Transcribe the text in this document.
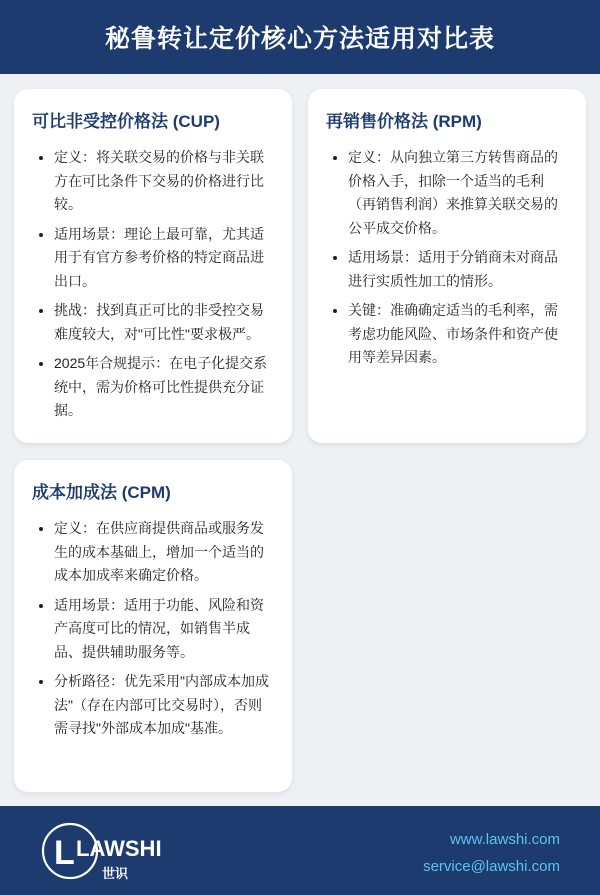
秘鲁转让定价核心方法适用对比表
可比非受控价格法 (CUP)
• 定义：将关联交易的价格与非关联方在可比条件下交易的价格进行比较。
• 适用场景：理论上最可靠，尤其适用于有官方参考价格的特定商品进出口。
• 挑战：找到真正可比的非受控交易难度较大，对"可比性"要求极严。
• 2025年合规提示：在电子化提交系统中，需为价格可比性提供充分证据。
再销售价格法 (RPM)
• 定义：从向独立第三方转售商品的价格入手，扣除一个适当的毛利（再销售利润）来推算关联交易的公平成交价格。
• 适用场景：适用于分销商未对商品进行实质性加工的情形。
• 关键：准确确定适当的毛利率，需考虑功能风险、市场条件和资产使用等差异因素。
成本加成法 (CPM)
• 定义：在供应商提供商品或服务发生的成本基础上，增加一个适当的成本加成率来确定价格。
• 适用场景：适用于功能、风险和资产高度可比的情况，如销售半成品、提供辅助服务等。
• 分析路径：优先采用"内部成本加成法"（存在内部可比交易时），否则需寻找"外部成本加成"基准。
L LAWSHI
世识
www.lawshi.com
service@lawshi.com
